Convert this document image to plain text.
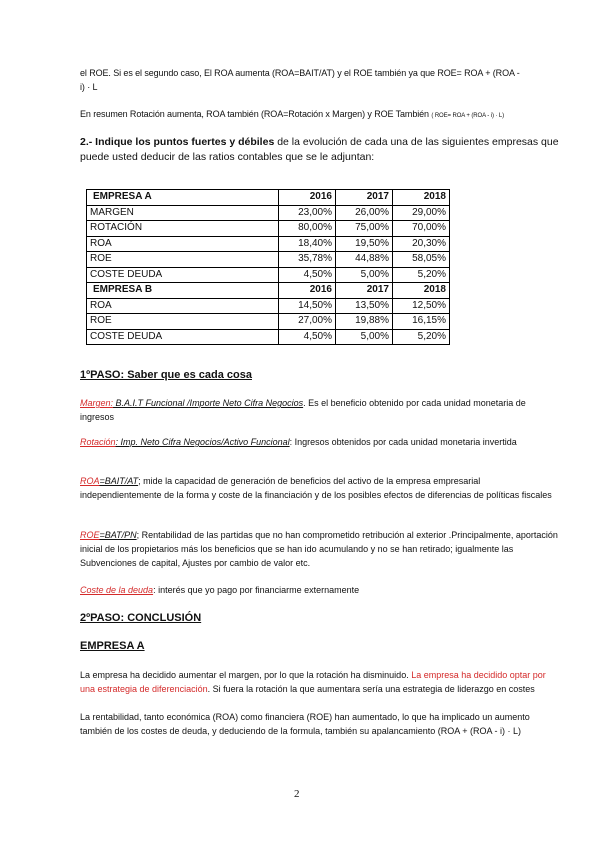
el ROE. Si es el segundo caso, El ROA aumenta (ROA=BAIT/AT) y el ROE también ya que ROE= ROA + (ROA -
i) · L
En resumen Rotación aumenta, ROA también (ROA=Rotación x Margen) y ROE También ( ROE= ROA + (ROA - i) · L)
2.- Indique los puntos fuertes y débiles de la evolución de cada una de las siguientes empresas que puede usted deducir de las ratios contables que se le adjuntan:
EMPRESA A	2016	2017	2018
MARGEN	23,00%	26,00%	29,00%
ROTACIÓN	80,00%	75,00%	70,00%
ROA	18,40%	19,50%	20,30%
ROE	35,78%	44,88%	58,05%
COSTE DEUDA	4,50%	5,00%	5,20%
EMPRESA B	2016	2017	2018
ROA	14,50%	13,50%	12,50%
ROE	27,00%	19,88%	16,15%
COSTE DEUDA	4,50%	5,00%	5,20%
1ºPASO: Saber que es cada cosa
Margen: B.A.I.T Funcional /Importe Neto Cifra Negocios. Es el beneficio obtenido por cada unidad monetaria de ingresos
Rotación: Imp. Neto Cifra Negocios/Activo Funcional: Ingresos obtenidos por cada unidad monetaria invertida
ROA=BAIT/AT; mide la capacidad de generación de beneficios del activo de la empresa empresarial independientemente de la forma y coste de la financiación y de los posibles efectos de diferencias de políticas fiscales
ROE=BAT/PN; Rentabilidad de las partidas que no han comprometido retribución al exterior .Principalmente, aportación inicial de los propietarios más los beneficios que se han ido acumulando y no se han retirado; igualmente las Subvenciones de capital, Ajustes por cambio de valor etc.
Coste de la deuda: interés que yo pago por financiarme externamente
2ºPASO: CONCLUSIÓN
EMPRESA A
La empresa ha decidido aumentar el margen, por lo que la rotación ha disminuido. La empresa ha decidido optar por una estrategia de diferenciación. Si fuera la rotación la que aumentara sería una estrategia de liderazgo en costes
La rentabilidad, tanto económica (ROA) como financiera (ROE) han aumentado, lo que ha implicado un aumento también de los costes de deuda, y deduciendo de la formula, también su apalancamiento (ROA + (ROA - i) · L)
2
